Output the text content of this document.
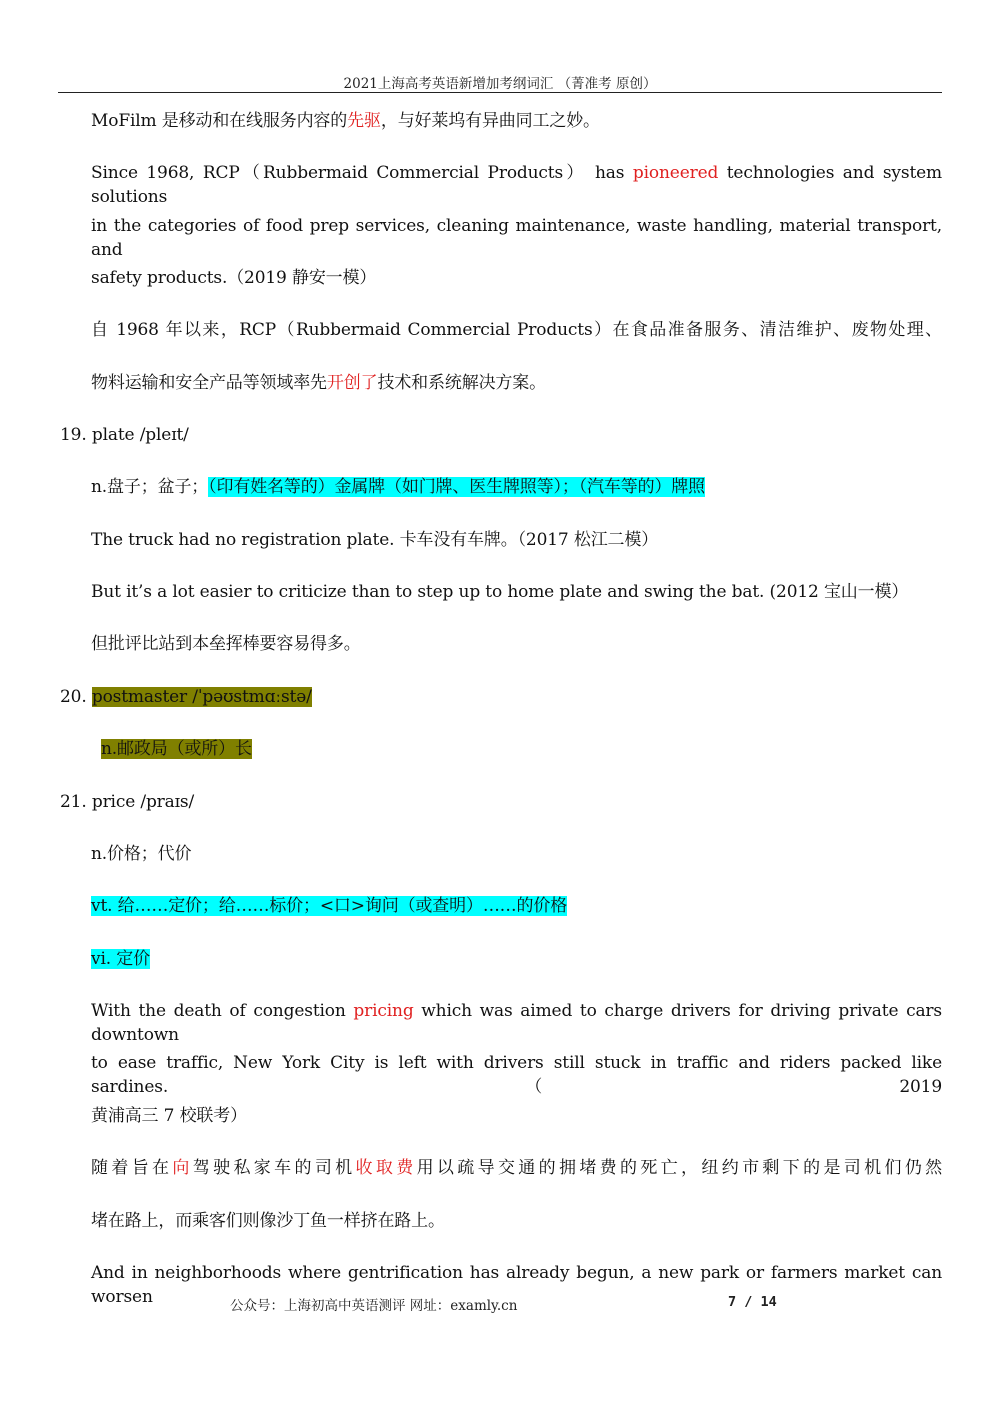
2021上海高考英语新增加考纲词汇 （菁准考 原创）
MoFilm 是移动和在线服务内容的先驱，与好莱坞有异曲同工之妙。
Since 1968, RCP（Rubbermaid Commercial Products） has pioneered technologies and system solutions
in the categories of food prep services, cleaning maintenance, waste handling, material transport, and
safety products.（2019 静安一模）
自 1968 年以来，RCP（Rubbermaid Commercial Products）在食品准备服务、清洁维护、废物处理、
物料运输和安全产品等领域率先开创了技术和系统解决方案。
19. plate /pleɪt/
n.盘子；盆子；（印有姓名等的）金属牌（如门牌、医生牌照等）；（汽车等的）牌照
The truck had no registration plate. 卡车没有车牌。（2017 松江二模）
But it’s a lot easier to criticize than to step up to home plate and swing the bat. (2012 宝山一模）
但批评比站到本垒挥棒要容易得多。
20. postmaster /ˈpəʊstmɑːstə/
n.邮政局（或所）长
21. price /praɪs/
n.价格；代价
vt. 给……定价；给……标价；<口>询问（或查明）……的价格
vi. 定价
With the death of congestion pricing which was aimed to charge drivers for driving private cars downtown
to ease traffic, New York City is left with drivers still stuck in traffic and riders packed like sardines.（2019
黄浦高三 7 校联考）
随着旨在向驾驶私家车的司机收取费用以疏导交通的拥堵费的死亡，纽约市剩下的是司机们仍然
堵在路上，而乘客们则像沙丁鱼一样挤在路上。
And in neighborhoods where gentrification has already begun, a new park or farmers market can worsen	公众号：上海初高中英语测评 网址：examly.cn	7 / 14
